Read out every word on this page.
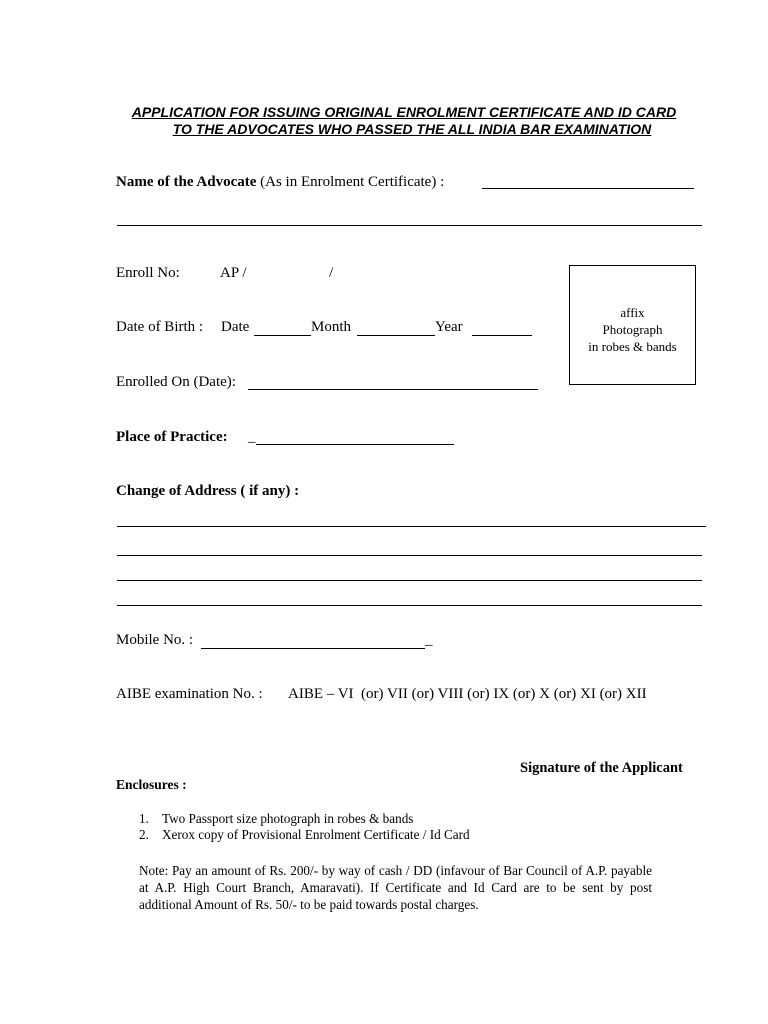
APPLICATION FOR ISSUING ORIGINAL ENROLMENT CERTIFICATE AND ID CARD
TO THE ADVOCATES WHO PASSED THE ALL INDIA BAR EXAMINATION
Name of the Advocate (As in Enrolment Certificate) :
Enroll No:	AP /	/
Date of Birth : Date	Month	Year
affix
Photograph
in robes & bands
Enrolled On (Date):
Place of Practice: _
Change of Address ( if any) :
Mobile No. :	_
AIBE examination No. : AIBE – VI  (or) VII (or) VIII (or) IX (or) X (or) XI (or) XII
Signature of the Applicant
Enclosures :
1. Two Passport size photograph in robes & bands
2. Xerox copy of Provisional Enrolment Certificate / Id Card
Note: Pay an amount of Rs. 200/- by way of cash / DD (infavour of Bar Council of A.P. payable at A.P. High Court Branch, Amaravati). If Certificate and Id Card are to be sent by post additional Amount of Rs. 50/- to be paid towards postal charges.
